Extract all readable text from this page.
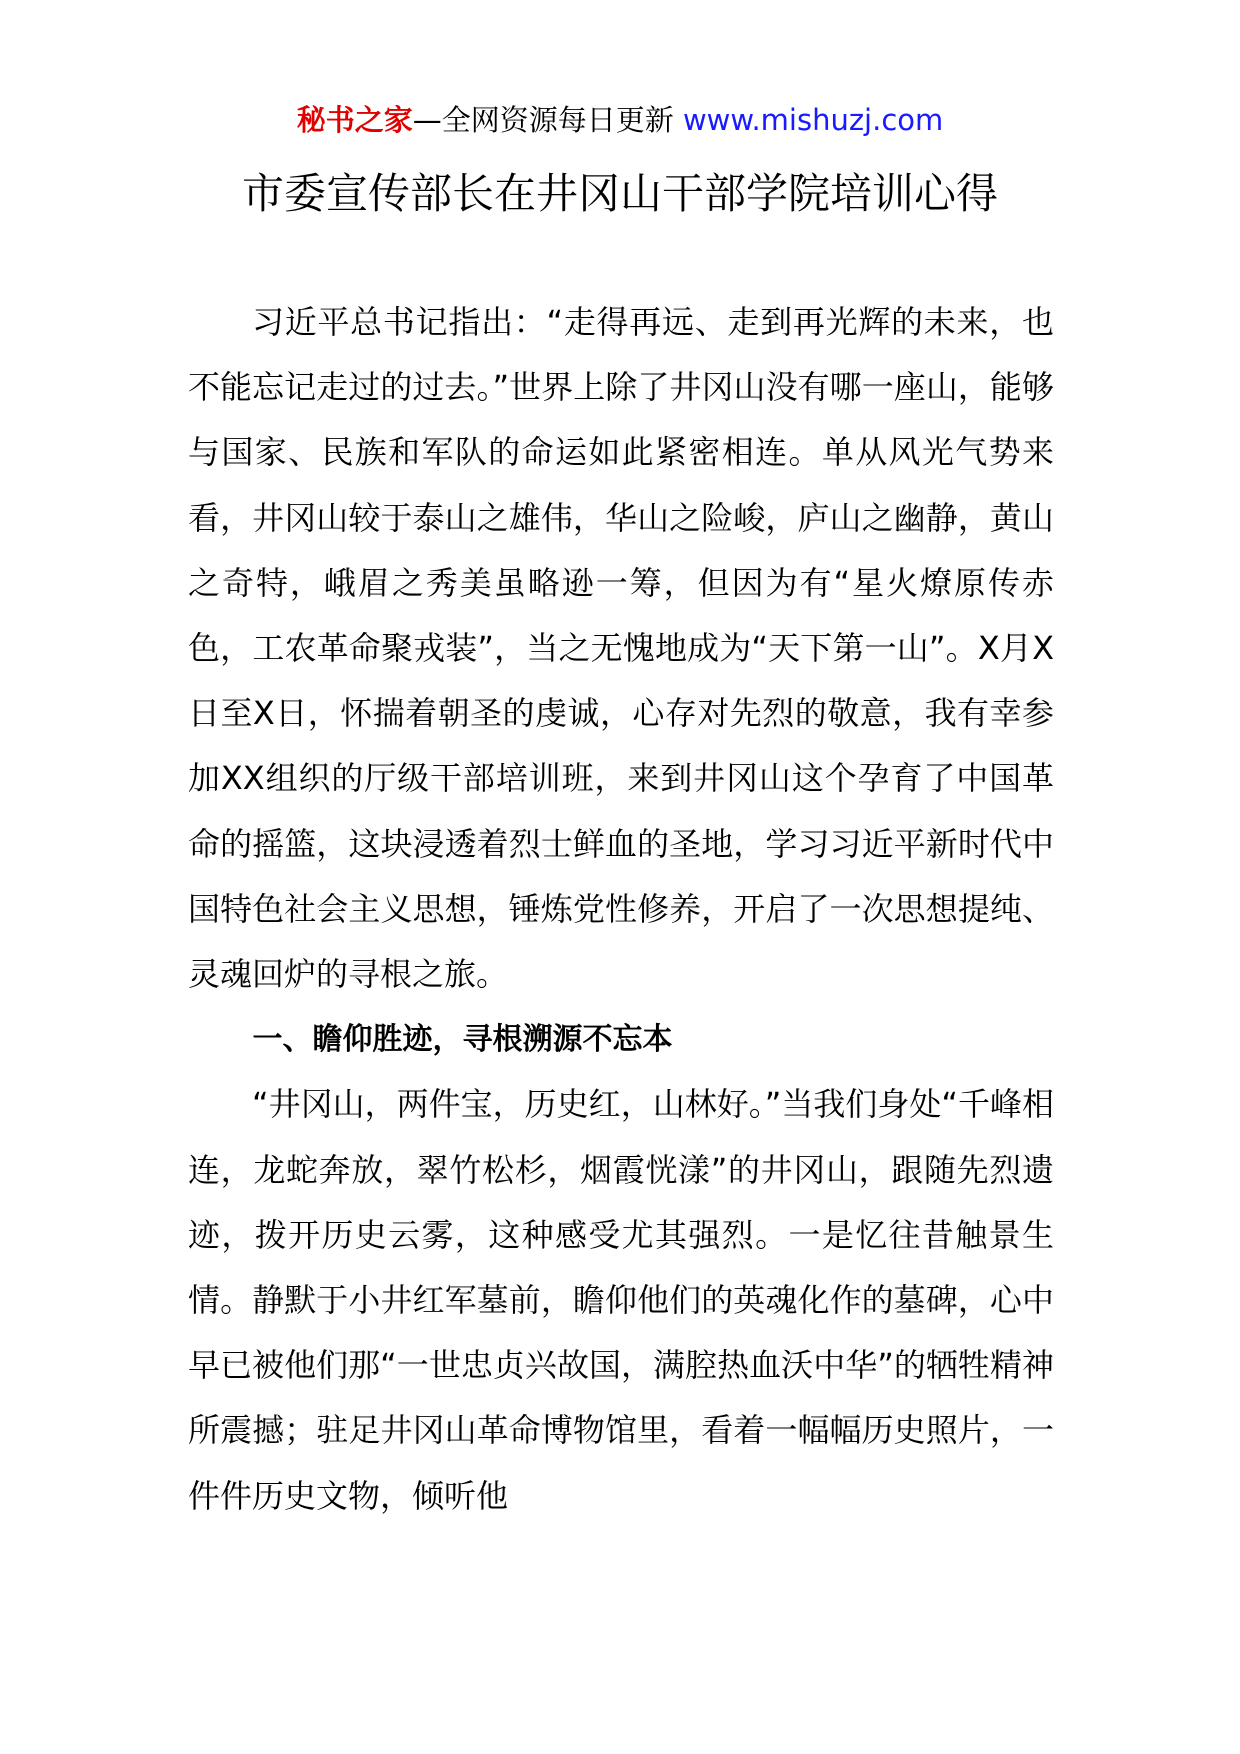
秘书之家—全网资源每日更新 www.mishuzj.com
市委宣传部长在井冈山干部学院培训心得

习近平总书记指出：“走得再远、走到再光辉的未来，也不能忘记走过的过去。”世界上除了井冈山没有哪一座山，能够与国家、民族和军队的命运如此紧密相连。单从风光气势来看，井冈山较于泰山之雄伟，华山之险峻，庐山之幽静，黄山之奇特，峨眉之秀美虽略逊一筹，但因为有“星火燎原传赤色，工农革命聚戎装”，当之无愧地成为“天下第一山”。X月X日至X日，怀揣着朝圣的虔诚，心存对先烈的敬意，我有幸参加XX组织的厅级干部培训班，来到井冈山这个孕育了中国革命的摇篮，这块浸透着烈士鲜血的圣地，学习习近平新时代中国特色社会主义思想，锤炼党性修养，开启了一次思想提纯、灵魂回炉的寻根之旅。

一、瞻仰胜迹，寻根溯源不忘本

“井冈山，两件宝，历史红，山林好。”当我们身处“千峰相连，龙蛇奔放，翠竹松杉，烟霞恍漾”的井冈山，跟随先烈遗迹，拨开历史云雾，这种感受尤其强烈。一是忆往昔触景生情。静默于小井红军墓前，瞻仰他们的英魂化作的墓碑，心中早已被他们那“一世忠贞兴故国，满腔热血沃中华”的牺牲精神所震撼；驻足井冈山革命博物馆里，看着一幅幅历史照片，一件件历史文物，倾听他
